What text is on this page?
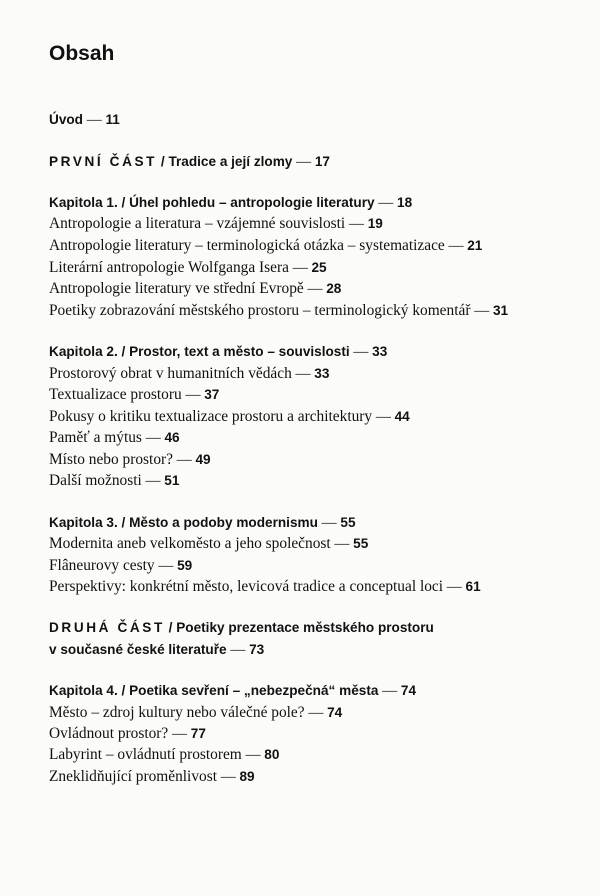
Obsah
Úvod — 11
PRVNÍ ČÁST / Tradice a její zlomy — 17
Kapitola 1. / Úhel pohledu – antropologie literatury — 18
Antropologie a literatura – vzájemné souvislosti — 19
Antropologie literatury – terminologická otázka – systematizace — 21
Literární antropologie Wolfganga Isera — 25
Antropologie literatury ve střední Evropě — 28
Poetiky zobrazování městského prostoru – terminologický komentář — 31
Kapitola 2. / Prostor, text a město – souvislosti — 33
Prostorový obrat v humanitních vědách — 33
Textualizace prostoru — 37
Pokusy o kritiku textualizace prostoru a architektury — 44
Paměť a mýtus — 46
Místo nebo prostor? — 49
Další možnosti — 51
Kapitola 3. / Město a podoby modernismu — 55
Modernita aneb velkoměsto a jeho společnost — 55
Flâneurovy cesty — 59
Perspektivy: konkrétní město, levicová tradice a conceptual loci — 61
DRUHÁ ČÁST / Poetiky prezentace městského prostoru
v současné české literatuře — 73
Kapitola 4. / Poetika sevření – „nebezpečná“ města — 74
Město – zdroj kultury nebo válečné pole? — 74
Ovládnout prostor? — 77
Labyrint – ovládnutí prostorem — 80
Zneklidňující proměnlivost — 89
